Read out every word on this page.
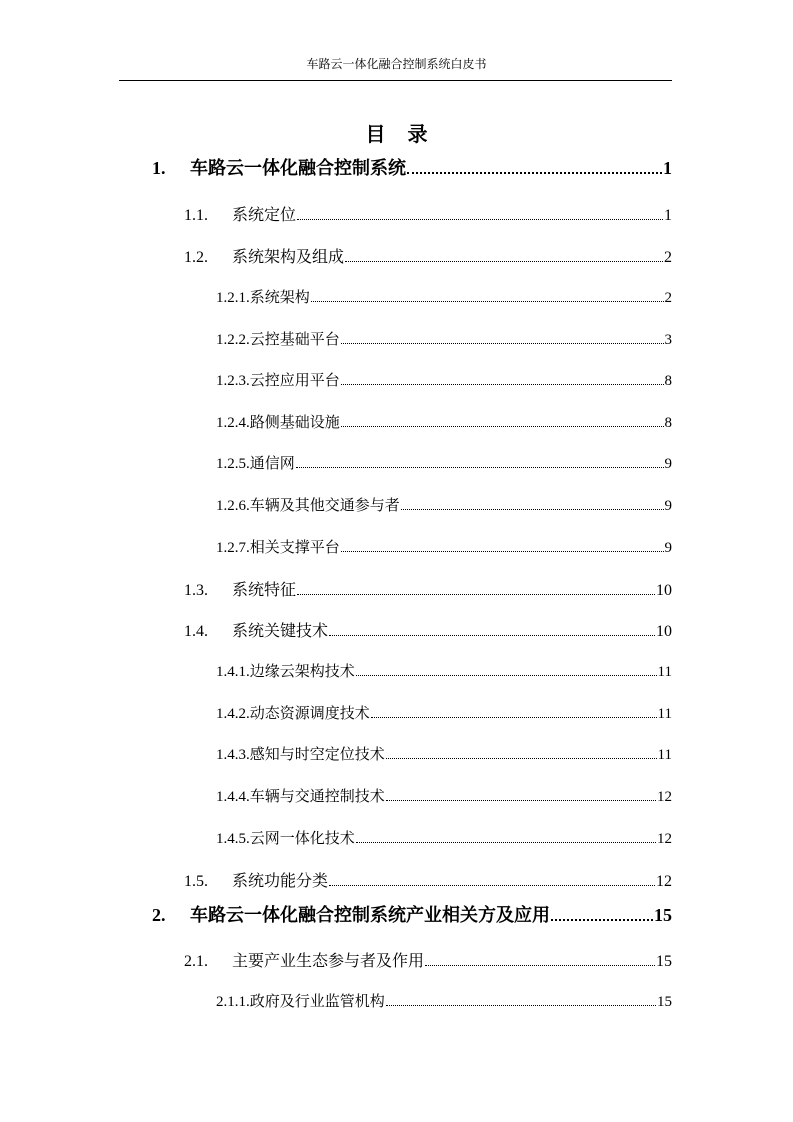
车路云一体化融合控制系统白皮书
目录
1.	车路云一体化融合控制系统	1
1.1.	系统定位	1
1.2.	系统架构及组成	2
1.2.1. 系统架构	2
1.2.2. 云控基础平台	3
1.2.3. 云控应用平台	8
1.2.4. 路侧基础设施	8
1.2.5. 通信网	9
1.2.6. 车辆及其他交通参与者	9
1.2.7. 相关支撑平台	9
1.3.	系统特征	10
1.4.	系统关键技术	10
1.4.1. 边缘云架构技术	11
1.4.2. 动态资源调度技术	11
1.4.3. 感知与时空定位技术	11
1.4.4. 车辆与交通控制技术	12
1.4.5. 云网一体化技术	12
1.5.	系统功能分类	12
2.	车路云一体化融合控制系统产业相关方及应用	15
2.1.	主要产业生态参与者及作用	15
2.1.1. 政府及行业监管机构	15
